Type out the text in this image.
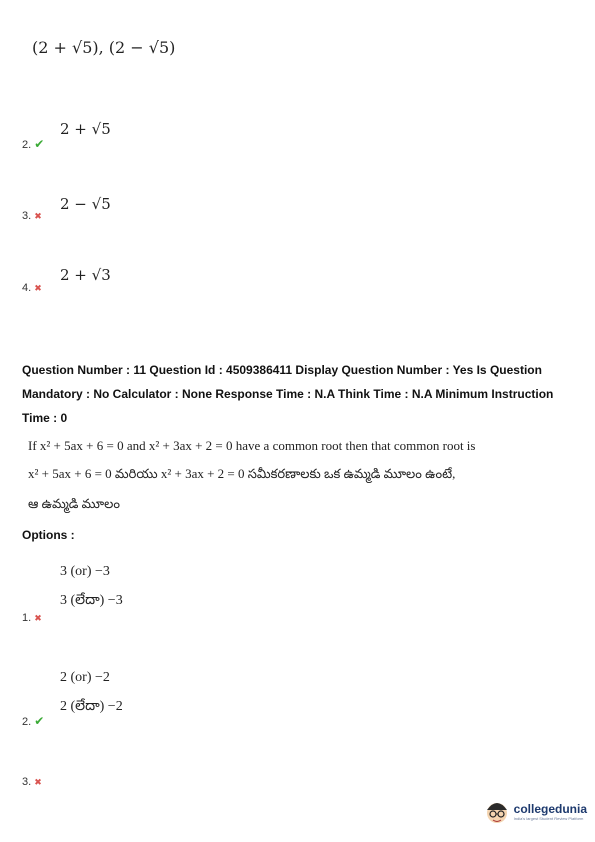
(2 + √5), (2 − √5)
2 + √5
2. ✔
2 − √5
3. ✖
2 + √3
4. ✖
Question Number : 11 Question Id : 4509386411 Display Question Number : Yes Is Question Mandatory : No Calculator : None Response Time : N.A Think Time : N.A Minimum Instruction Time : 0
If x² + 5ax + 6 = 0 and x² + 3ax + 2 = 0 have a common root then that common root is
x² + 5ax + 6 = 0 మరియు x² + 3ax + 2 = 0 సమీకరణాలకు ఒక ఉమ్మడి మూలం ఉంటే,
ఆ ఉమ్మడి మూలం
Options :
3 (or) −3
3 (లేదా) −3
1. ✖
2 (or) −2
2 (లేదా) −2
2. ✔
3. ✖
collegedunia
India's largest Student Review Platform
